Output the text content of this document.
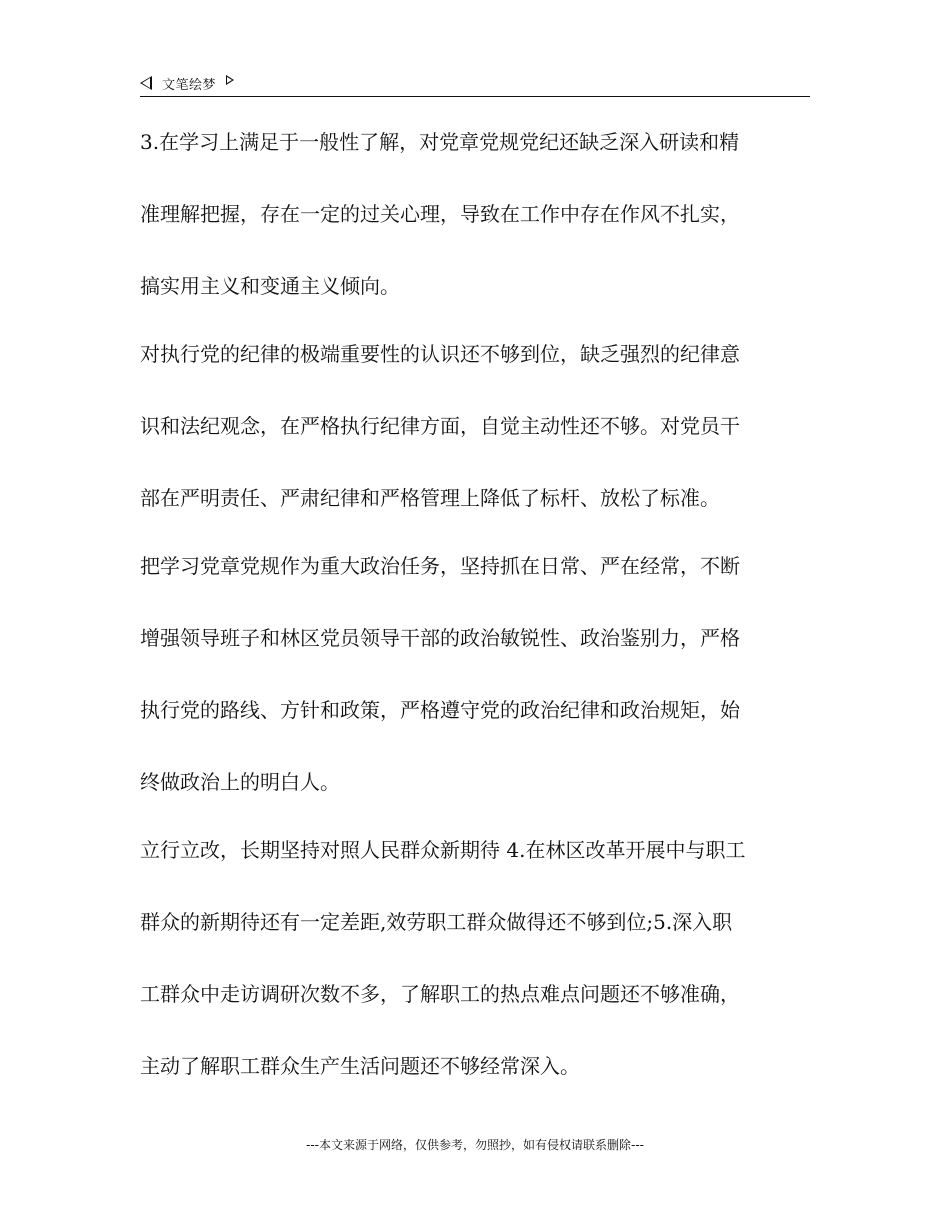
文笔绘梦

3.在学习上满足于一般性了解，对党章党规党纪还缺乏深入研读和精
准理解把握，存在一定的过关心理，导致在工作中存在作风不扎实，
搞实用主义和变通主义倾向。

对执行党的纪律的极端重要性的认识还不够到位，缺乏强烈的纪律意
识和法纪观念，在严格执行纪律方面，自觉主动性还不够。对党员干
部在严明责任、严肃纪律和严格管理上降低了标杆、放松了标准。

把学习党章党规作为重大政治任务，坚持抓在日常、严在经常，不断
增强领导班子和林区党员领导干部的政治敏锐性、政治鉴别力，严格
执行党的路线、方针和政策，严格遵守党的政治纪律和政治规矩，始
终做政治上的明白人。

立行立改，长期坚持对照人民群众新期待 4.在林区改革开展中与职工
群众的新期待还有一定差距,效劳职工群众做得还不够到位;5.深入职
工群众中走访调研次数不多，了解职工的热点难点问题还不够准确，
主动了解职工群众生产生活问题还不够经常深入。

---本文来源于网络，仅供参考，勿照抄，如有侵权请联系删除---
